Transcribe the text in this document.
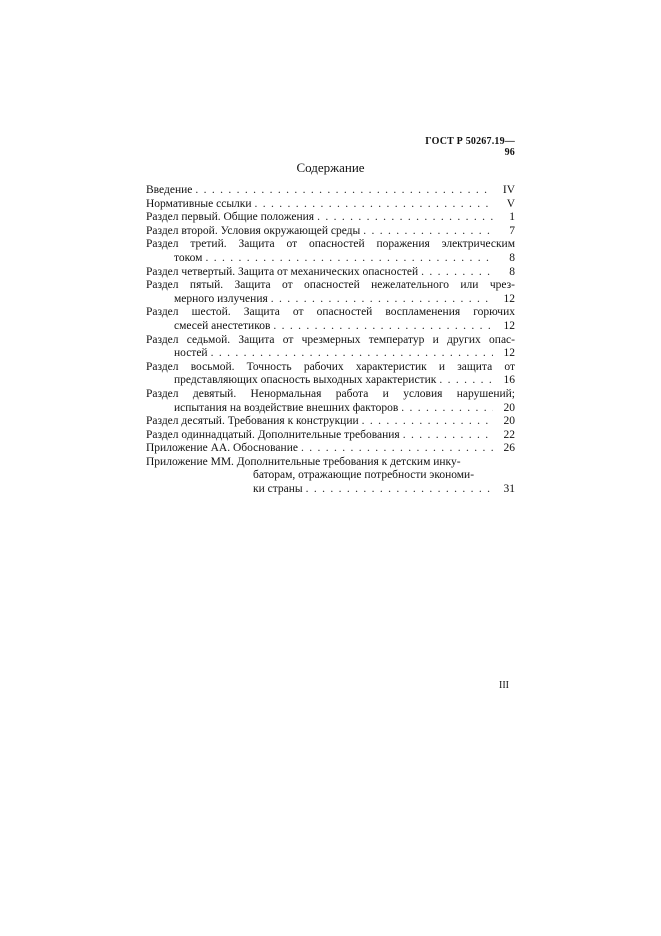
ГОСТ Р 50267.19—96
Содержание
Введение . . .	IV
Нормативные ссылки . . .	V
Раздел первый. Общие положения . . .	1
Раздел второй. Условия окружающей среды . . .	7
Раздел третий. Защита от опасностей поражения электрическим
током . . .	8
Раздел четвертый. Защита от механических опасностей . . .	8
Раздел пятый. Защита от опасностей нежелательного или чрез-
мерного излучения . . .	12
Раздел шестой. Защита от опасностей воспламенения горючих
смесей анестетиков . . .	12
Раздел седьмой. Защита от чрезмерных температур и других опас-
ностей . . .	12
Раздел восьмой. Точность рабочих характеристик и защита от
представляющих опасность выходных характеристик . . .	16
Раздел девятый. Ненормальная работа и условия нарушений;
испытания на воздействие внешних факторов . . .	20
Раздел десятый. Требования к конструкции . . .	20
Раздел одиннадцатый. Дополнительные требования . . .	22
Приложение АА. Обоснование . . .	26
Приложение ММ. Дополнительные требования к детским инку-
баторам, отражающие потребности экономи-
ки страны . . .	31
III
